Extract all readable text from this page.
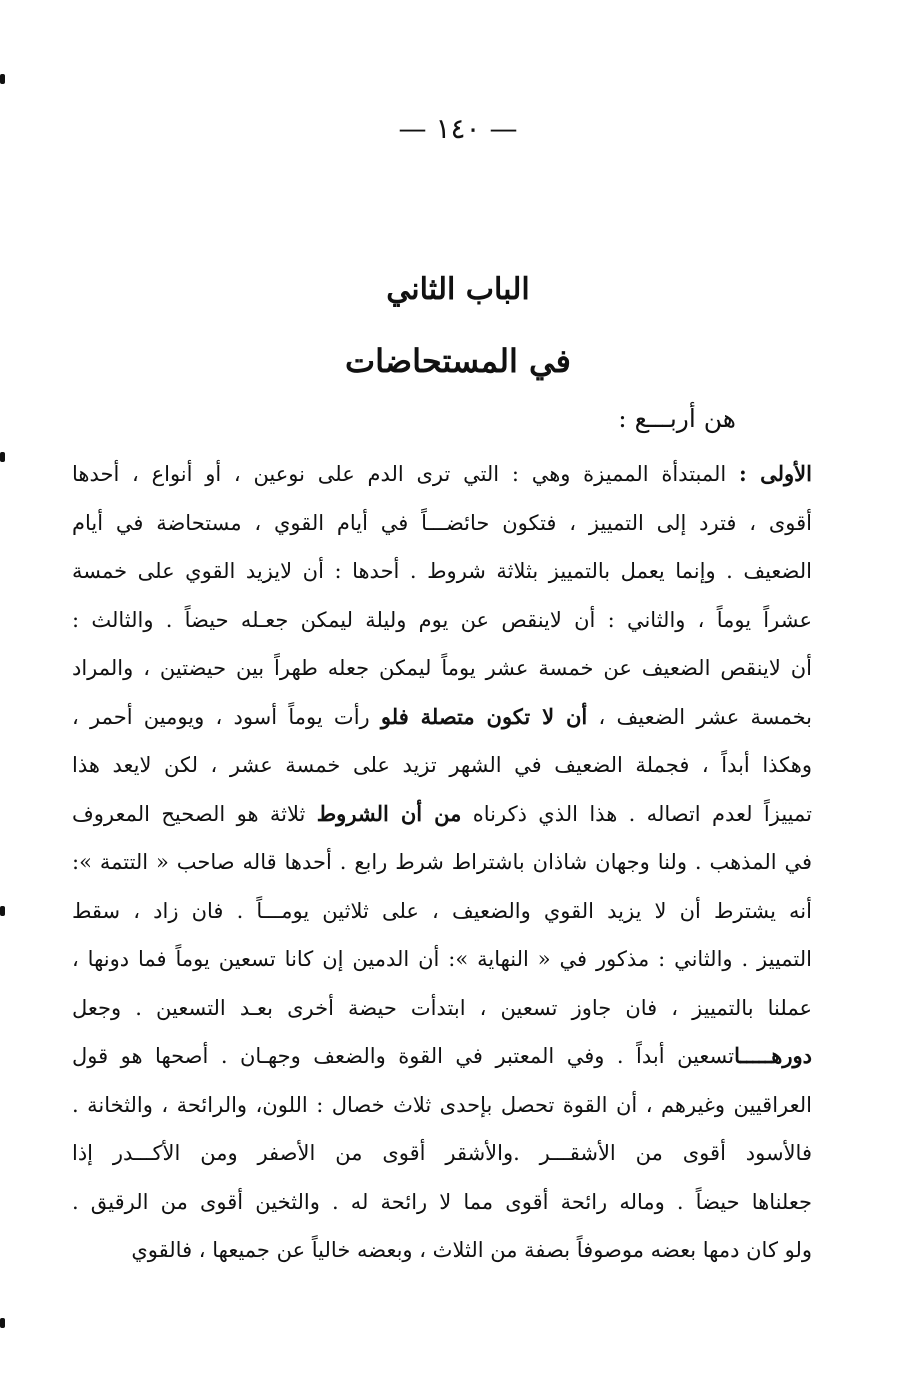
— ١٤٠ —
الباب الثاني
في المستحاضات
هن أربـــع :
الأولى : المبتدأة المميزة وهي : التي ترى الدم على نوعين ، أو أنواع ، أحدها
أقوى ، فترد إلى التمييز ، فتكون حائضـــاً في أيام القوي ، مستحاضة في أيام
الضعيف . وإنما يعمل بالتمييز بثلاثة شروط . أحدها : أن لايزيد القوي على خمسة
عشراً يوماً ، والثاني : أن لاينقص عن يوم وليلة ليمكن جعـله حيضاً . والثالث :
أن لاينقص الضعيف عن خمسة عشر يوماً ليمكن جعله طهراً بين حيضتين ، والمراد
بخمسة عشر الضعيف ، أن لا تكون متصلة فلو رأت يوماً أسود ، ويومين أحمر ،
وهكذا أبداً ، فجملة الضعيف في الشهر تزيد على خمسة عشر ، لكن لايعد هذا
تمييزاً لعدم اتصاله . هذا الذي ذكرناه من أن الشروط ثلاثة هو الصحيح المعروف
في المذهب . ولنا وجهان شاذان باشتراط شرط رابع . أحدها قاله صاحب « التتمة »:
أنه يشترط أن لا يزيد القوي والضعيف ، على ثلاثين يومـــاً . فان زاد ، سقط
التمييز . والثاني : مذكور في « النهاية »: أن الدمين إن كانا تسعين يوماً فما دونها ،
عملنا بالتمييز ، فان جاوز تسعين ، ابتدأت حيضة أخرى بعـد التسعين . وجعل
دورهـــــاتسعين أبداً . وفي المعتبر في القوة والضعف وجهـان . أصحها هو قول
العراقيين وغيرهم ، أن القوة تحصل بإحدى ثلاث خصال : اللون، والرائحة ، والثخانة .
فالأسود أقوى من الأشقـــر .والأشقر أقوى من الأصفر ومن الأكـــدر إذا
جعلناها حيضاً . وماله رائحة أقوى مما لا رائحة له . والثخين أقوى من الرقيق .
ولو كان دمها بعضه موصوفاً بصفة من الثلاث ، وبعضه خالياً عن جميعها ، فالقوي
